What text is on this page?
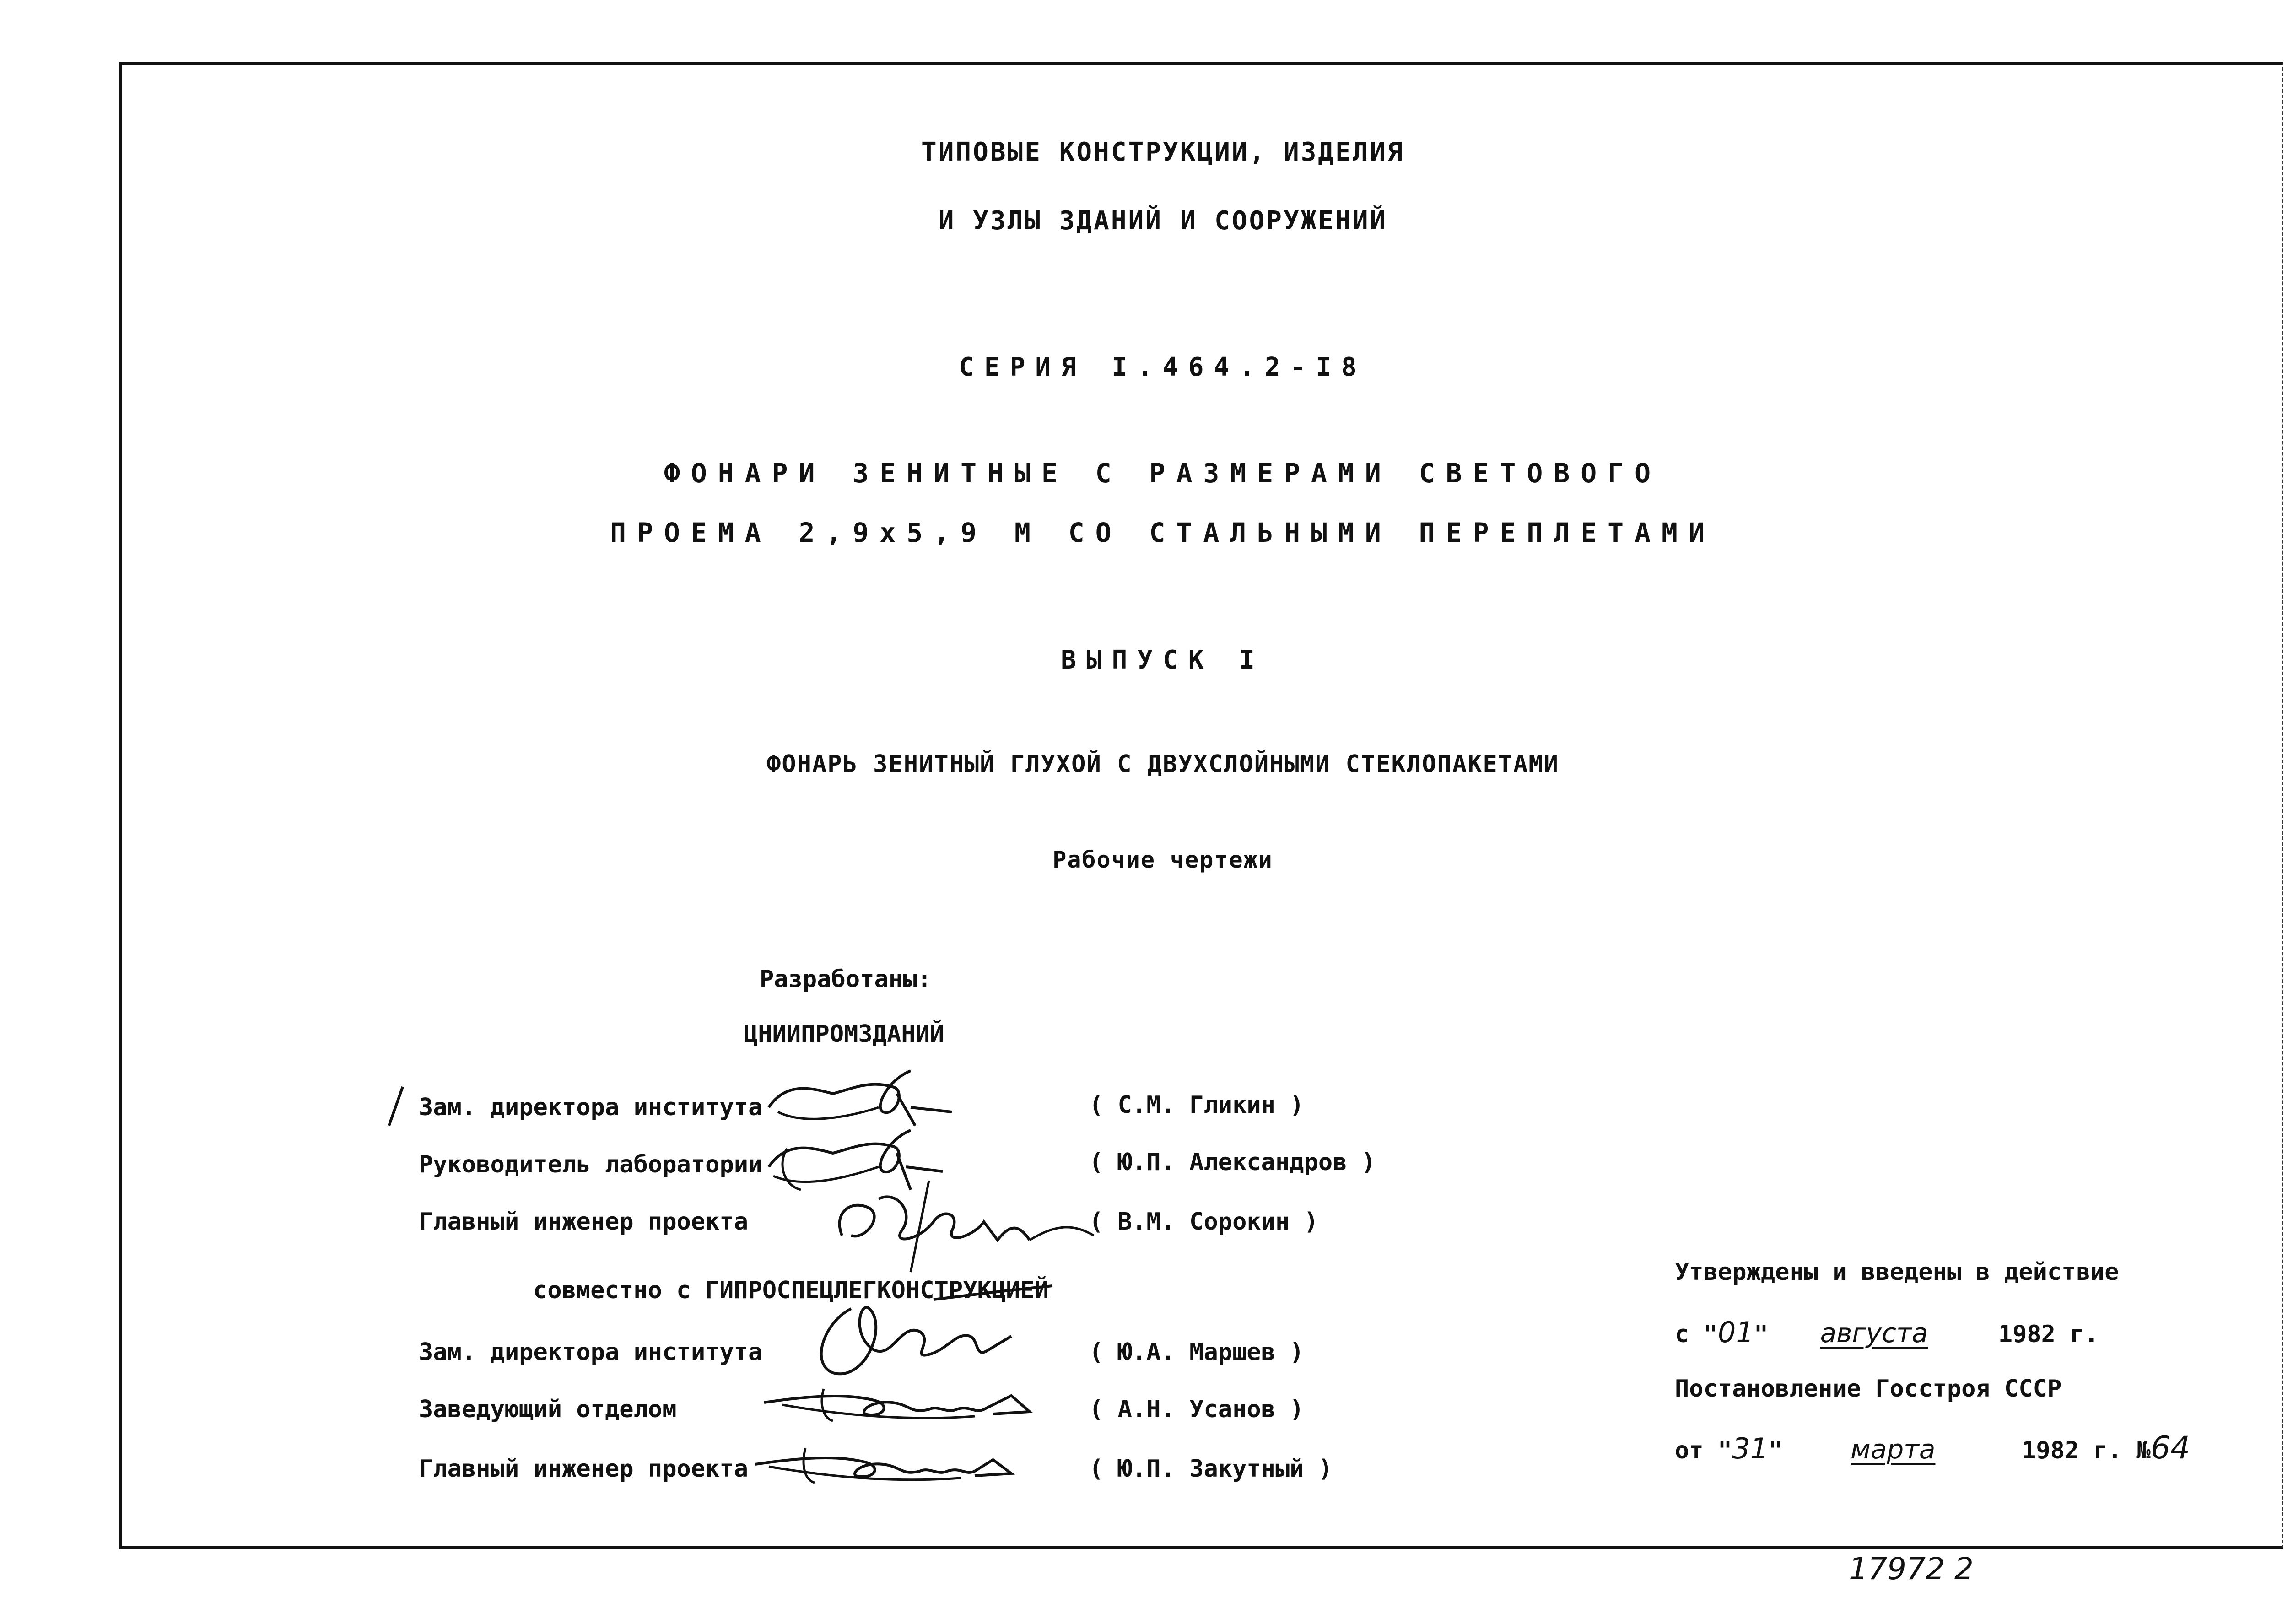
ТИПОВЫЕ КОНСТРУКЦИИ, ИЗДЕЛИЯ
И УЗЛЫ ЗДАНИЙ И СООРУЖЕНИЙ
СЕРИЯ І.464.2-І8
ФОНАРИ ЗЕНИТНЫЕ С РАЗМЕРАМИ СВЕТОВОГО
ПРОЕМА 2,9х5,9 М СО СТАЛЬНЫМИ ПЕРЕПЛЕТАМИ
ВЫПУСК І
ФОНАРЬ ЗЕНИТНЫЙ ГЛУХОЙ С ДВУХСЛОЙНЫМИ СТЕКЛОПАКЕТАМИ
Рабочие чертежи
Разработаны:
ЦНИИПРОМЗДАНИЙ
Зам. директора института	( С.М. Гликин )
Руководитель лаборатории	( Ю.П. Александров )
Главный инженер проекта	( В.М. Сорокин )
совместно с ГИПРОСПЕЦЛЕГКОНСТРУКЦИЕЙ
Зам. директора института	( Ю.А. Маршев )
Заведующий отделом	( А.Н. Усанов )
Главный инженер проекта	( Ю.П. Закутный )
Утверждены и введены в действие
с "01" августа	1982 г.
Постановление Госстроя СССР
от "31"	марта	1982 г. №64
17972 2
